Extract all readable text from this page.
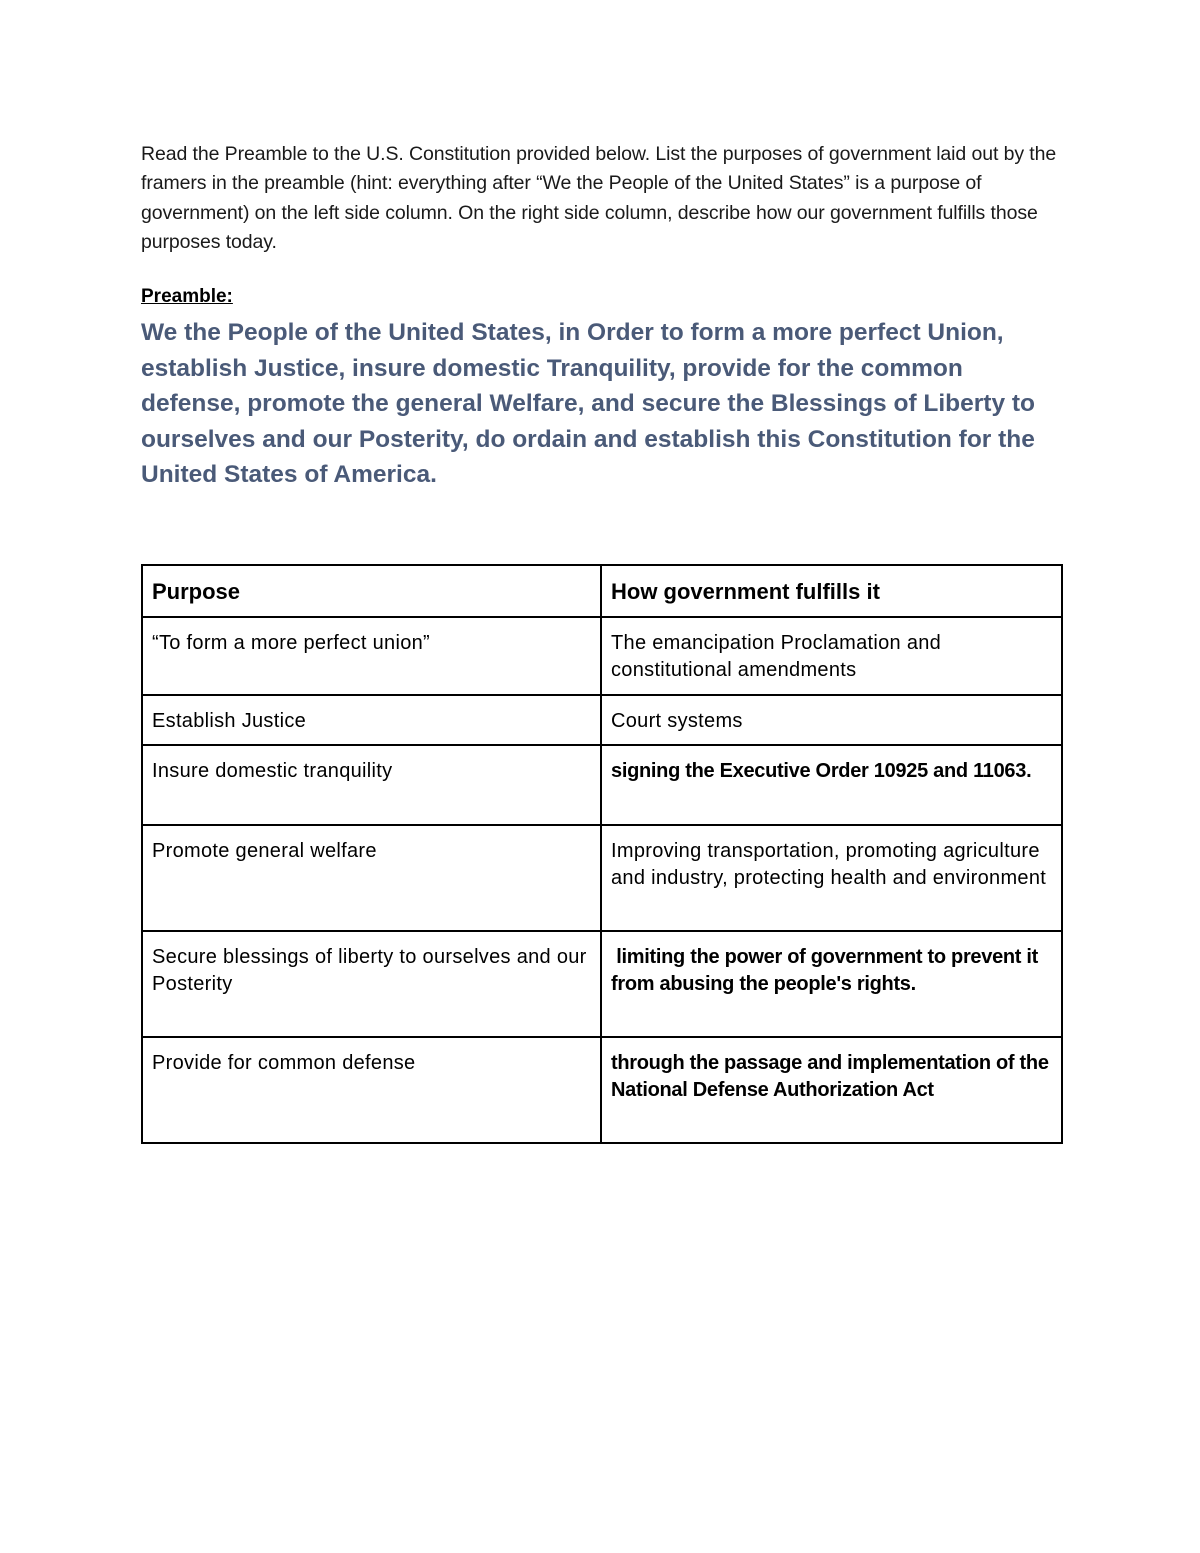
Read the Preamble to the U.S. Constitution provided below. List the purposes of government laid out by the framers in the preamble (hint: everything after “We the People of the United States” is a purpose of government) on the left side column. On the right side column, describe how our government fulfills those purposes today.

Preamble:
We the People of the United States, in Order to form a more perfect Union, establish Justice, insure domestic Tranquility, provide for the common defense, promote the general Welfare, and secure the Blessings of Liberty to ourselves and our Posterity, do ordain and establish this Constitution for the United States of America.
Purpose	How government fulfills it
“To form a more perfect union”	The emancipation Proclamation and constitutional amendments
Establish Justice	Court systems
Insure domestic tranquility	signing the Executive Order 10925 and 11063.
Promote general welfare	Improving transportation, promoting agriculture and industry, protecting health and environment
Secure blessings of liberty to ourselves and our Posterity	limiting the power of government to prevent it from abusing the people's rights.
Provide for common defense	through the passage and implementation of the National Defense Authorization Act
